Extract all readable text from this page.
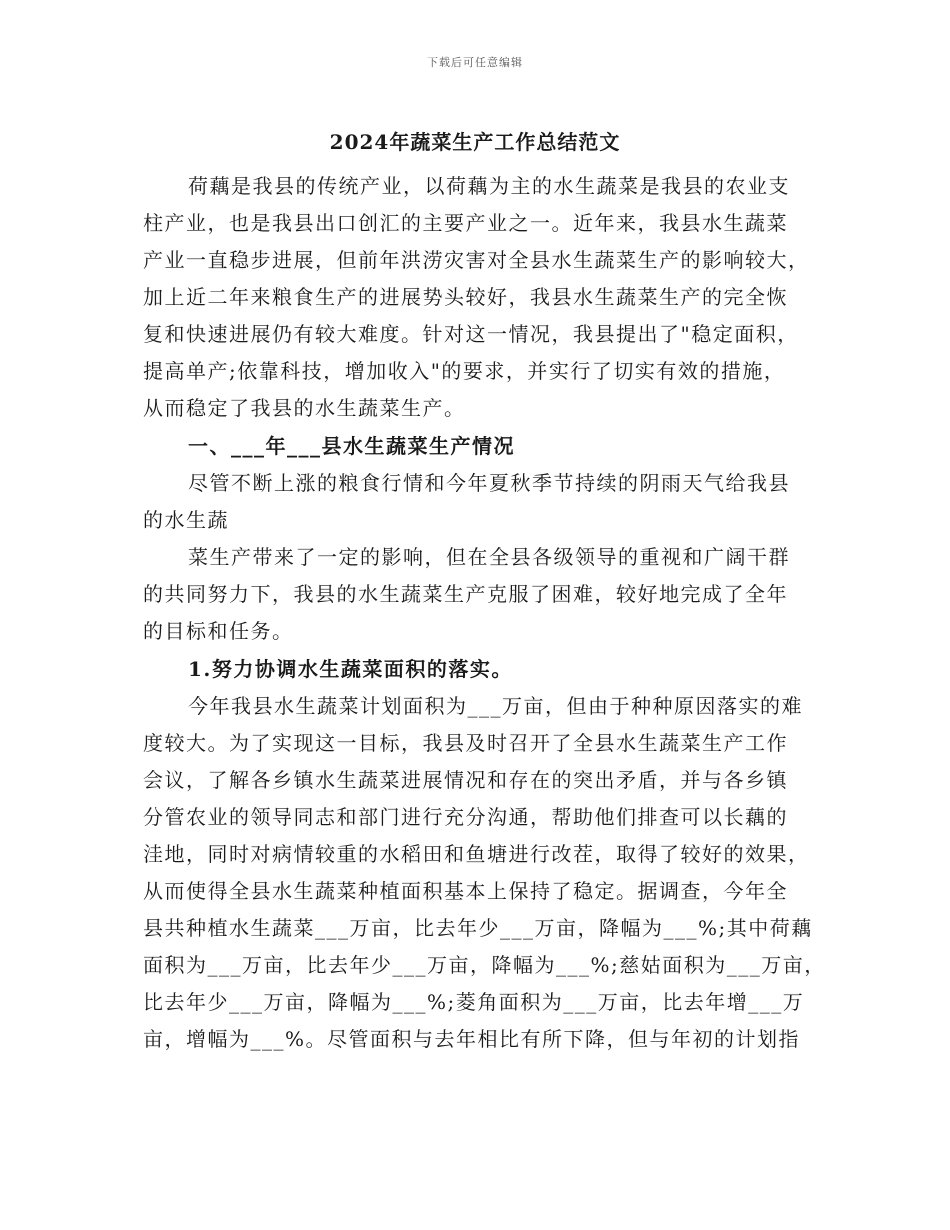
下载后可任意编辑
2024年蔬菜生产工作总结范文
荷藕是我县的传统产业，以荷藕为主的水生蔬菜是我县的农业支
柱产业，也是我县出口创汇的主要产业之一。近年来，我县水生蔬菜
产业一直稳步进展，但前年洪涝灾害对全县水生蔬菜生产的影响较大，
加上近二年来粮食生产的进展势头较好，我县水生蔬菜生产的完全恢
复和快速进展仍有较大难度。针对这一情况，我县提出了"稳定面积，
提高单产;依靠科技，增加收入"的要求，并实行了切实有效的措施，
从而稳定了我县的水生蔬菜生产。
一、___年___县水生蔬菜生产情况
尽管不断上涨的粮食行情和今年夏秋季节持续的阴雨天气给我县
的水生蔬
菜生产带来了一定的影响，但在全县各级领导的重视和广阔干群
的共同努力下，我县的水生蔬菜生产克服了困难，较好地完成了全年
的目标和任务。
1.努力协调水生蔬菜面积的落实。
今年我县水生蔬菜计划面积为___万亩，但由于种种原因落实的难
度较大。为了实现这一目标，我县及时召开了全县水生蔬菜生产工作
会议，了解各乡镇水生蔬菜进展情况和存在的突出矛盾，并与各乡镇
分管农业的领导同志和部门进行充分沟通，帮助他们排查可以长藕的
洼地，同时对病情较重的水稻田和鱼塘进行改茬，取得了较好的效果，
从而使得全县水生蔬菜种植面积基本上保持了稳定。据调查，今年全
县共种植水生蔬菜___万亩，比去年少___万亩，降幅为___%;其中荷藕
面积为___万亩，比去年少___万亩，降幅为___%;慈姑面积为___万亩，
比去年少___万亩，降幅为___%;菱角面积为___万亩，比去年增___万
亩，增幅为___%。尽管面积与去年相比有所下降，但与年初的计划指
